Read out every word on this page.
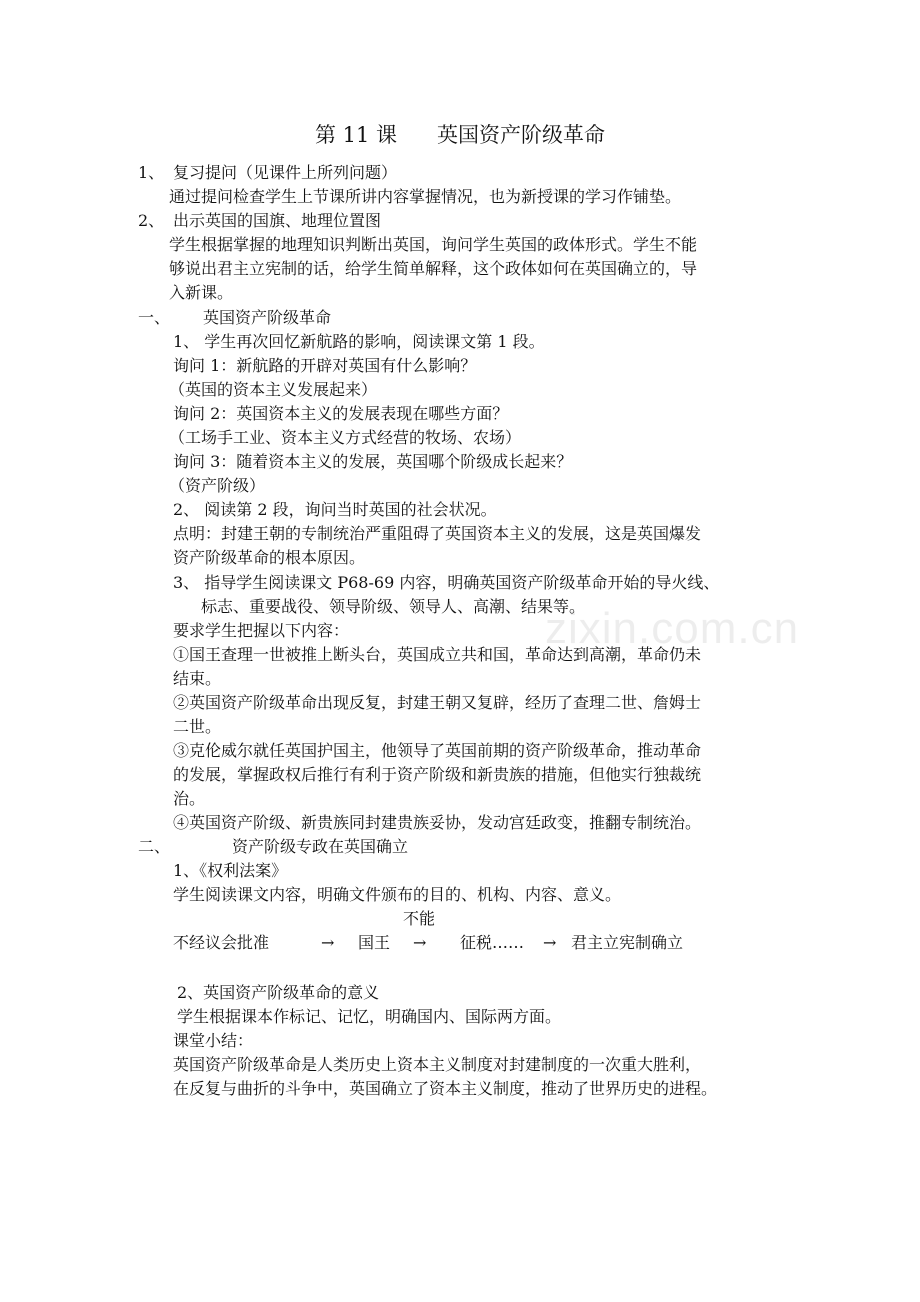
zixin.com.cn
第 11 课      英国资产阶级革命
1、 复习提问（见课件上所列问题）
通过提问检查学生上节课所讲内容掌握情况，也为新授课的学习作铺垫。
2、 出示英国的国旗、地理位置图
学生根据掌握的地理知识判断出英国，询问学生英国的政体形式。学生不能
够说出君主立宪制的话，给学生简单解释，这个政体如何在英国确立的，导
入新课。
一、 英国资产阶级革命
1、 学生再次回忆新航路的影响，阅读课文第 1 段。
询问 1：新航路的开辟对英国有什么影响？
（英国的资本主义发展起来）
询问 2：英国资本主义的发展表现在哪些方面？
（工场手工业、资本主义方式经营的牧场、农场）
询问 3：随着资本主义的发展，英国哪个阶级成长起来？
（资产阶级）
2、 阅读第 2 段，询问当时英国的社会状况。
点明：封建王朝的专制统治严重阻碍了英国资本主义的发展，这是英国爆发
资产阶级革命的根本原因。
3、 指导学生阅读课文 P68-69 内容，明确英国资产阶级革命开始的导火线、
标志、重要战役、领导阶级、领导人、高潮、结果等。
要求学生把握以下内容：
①国王查理一世被推上断头台，英国成立共和国，革命达到高潮，革命仍未
结束。
②英国资产阶级革命出现反复，封建王朝又复辟，经历了查理二世、詹姆士
二世。
③克伦威尔就任英国护国主，他领导了英国前期的资产阶级革命，推动革命
的发展，掌握政权后推行有利于资产阶级和新贵族的措施，但他实行独裁统
治。
④英国资产阶级、新贵族同封建贵族妥协，发动宫廷政变，推翻专制统治。
二、	资产阶级专政在英国确立
1、《权利法案》
学生阅读课文内容，明确文件颁布的目的、机构、内容、意义。
不能
不经议会批准	→ 国王 → 征税…… → 君主立宪制确立
2、英国资产阶级革命的意义
学生根据课本作标记、记忆，明确国内、国际两方面。
课堂小结：
英国资产阶级革命是人类历史上资本主义制度对封建制度的一次重大胜利，
在反复与曲折的斗争中，英国确立了资本主义制度，推动了世界历史的进程。
